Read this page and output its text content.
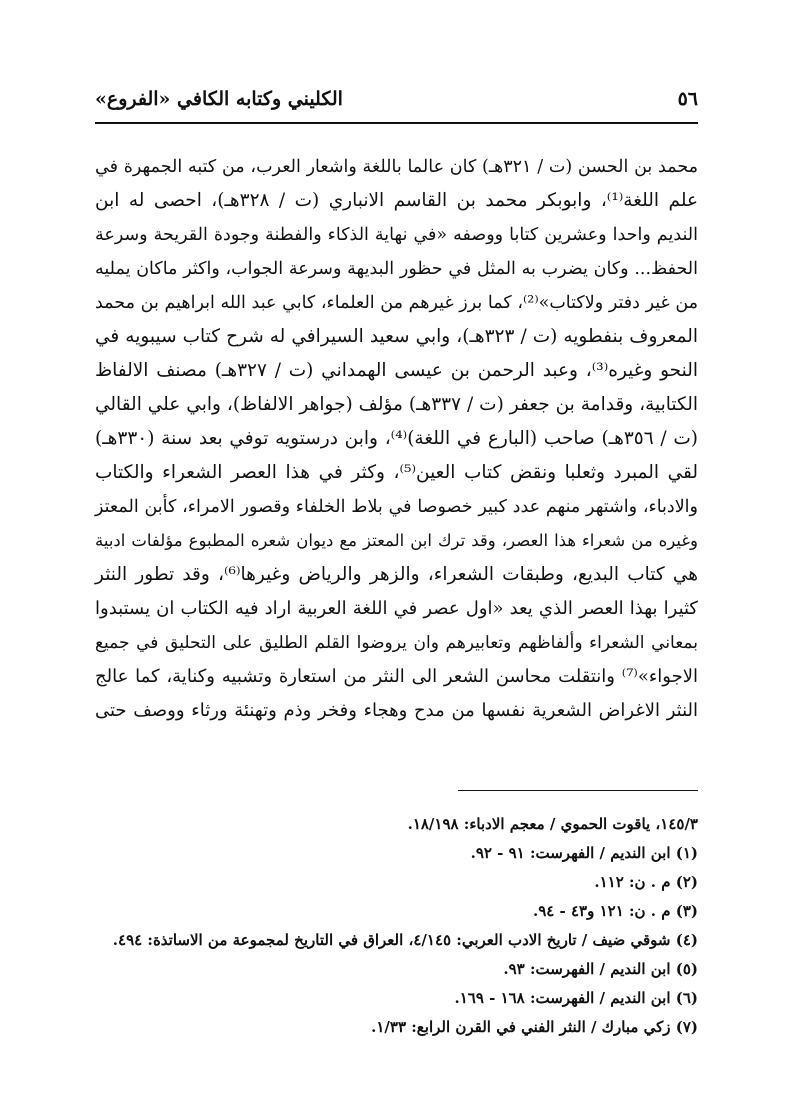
٥٦
الكليني وكتابه الكافي «الفروع»
محمد بن الحسن (ت / ٣٢١هـ) كان عالما باللغة واشعار العرب، من كتبه الجمهرة في
علم اللغة⁽¹⁾، وابوبكر محمد بن القاسم الانباري (ت / ٣٢٨هـ)، احصى له ابن
النديم واحدا وعشرين كتابا ووصفه «في نهاية الذكاء والفطنة وجودة القريحة وسرعة
الحفظ... وكان يضرب به المثل في حظور البديهة وسرعة الجواب، واكثر ماكان يمليه
من غير دفتر ولاكتاب»⁽²⁾، كما برز غيرهم من العلماء، كابي عبد الله ابراهيم بن محمد
المعروف بنفطويه (ت / ٣٢٣هـ)، وابي سعيد السيرافي له شرح كتاب سيبويه في
النحو وغيره⁽³⁾، وعبد الرحمن بن عيسى الهمداني (ت / ٣٢٧هـ) مصنف الالفاظ
الكتابية، وقدامة بن جعفر (ت / ٣٣٧هـ) مؤلف (جواهر الالفاظ)، وابي علي القالي
(ت / ٣٥٦هـ) صاحب (البارع في اللغة)⁽⁴⁾، وابن درستويه توفي بعد سنة (٣٣٠هـ)
لقي المبرد وثعلبا ونقض كتاب العين⁽⁵⁾، وكثر في هذا العصر الشعراء والكتاب
والادباء، واشتهر منهم عدد كبير خصوصا في بلاط الخلفاء وقصور الامراء، كأبن المعتز
وغيره من شعراء هذا العصر، وقد ترك ابن المعتز مع ديوان شعره المطبوع مؤلفات ادبية
هي كتاب البديع، وطبقات الشعراء، والزهر والرياض وغيرها⁽⁶⁾، وقد تطور النثر
كثيرا بهذا العصر الذي يعد «اول عصر في اللغة العربية اراد فيه الكتاب ان يستبدوا
بمعاني الشعراء وألفاظهم وتعابيرهم وان يروضوا القلم الطليق على التحليق في جميع
الاجواء»⁽⁷⁾ وانتقلت محاسن الشعر الى النثر من استعارة وتشبيه وكناية، كما عالج
النثر الاغراض الشعرية نفسها من مدح وهجاء وفخر وذم وتهنئة ورثاء ووصف حتى
١٤٥/٣، ياقوت الحموي / معجم الادباء: ١٨/١٩٨.
(١) ابن النديم / الفهرست: ٩١ - ٩٢.
(٢) م . ن: ١١٢.
(٣) م . ن: ١٢١ و٤٣ - ٩٤.
(٤) شوقي ضيف / تاريخ الادب العربي: ٤/١٤٥، العراق في التاريخ لمجموعة من الاساتذة: ٤٩٤.
(٥) ابن النديم / الفهرست: ٩٣.
(٦) ابن النديم / الفهرست: ١٦٨ - ١٦٩.
(٧) زكي مبارك / النثر الفني في القرن الرابع: ١/٣٣.
